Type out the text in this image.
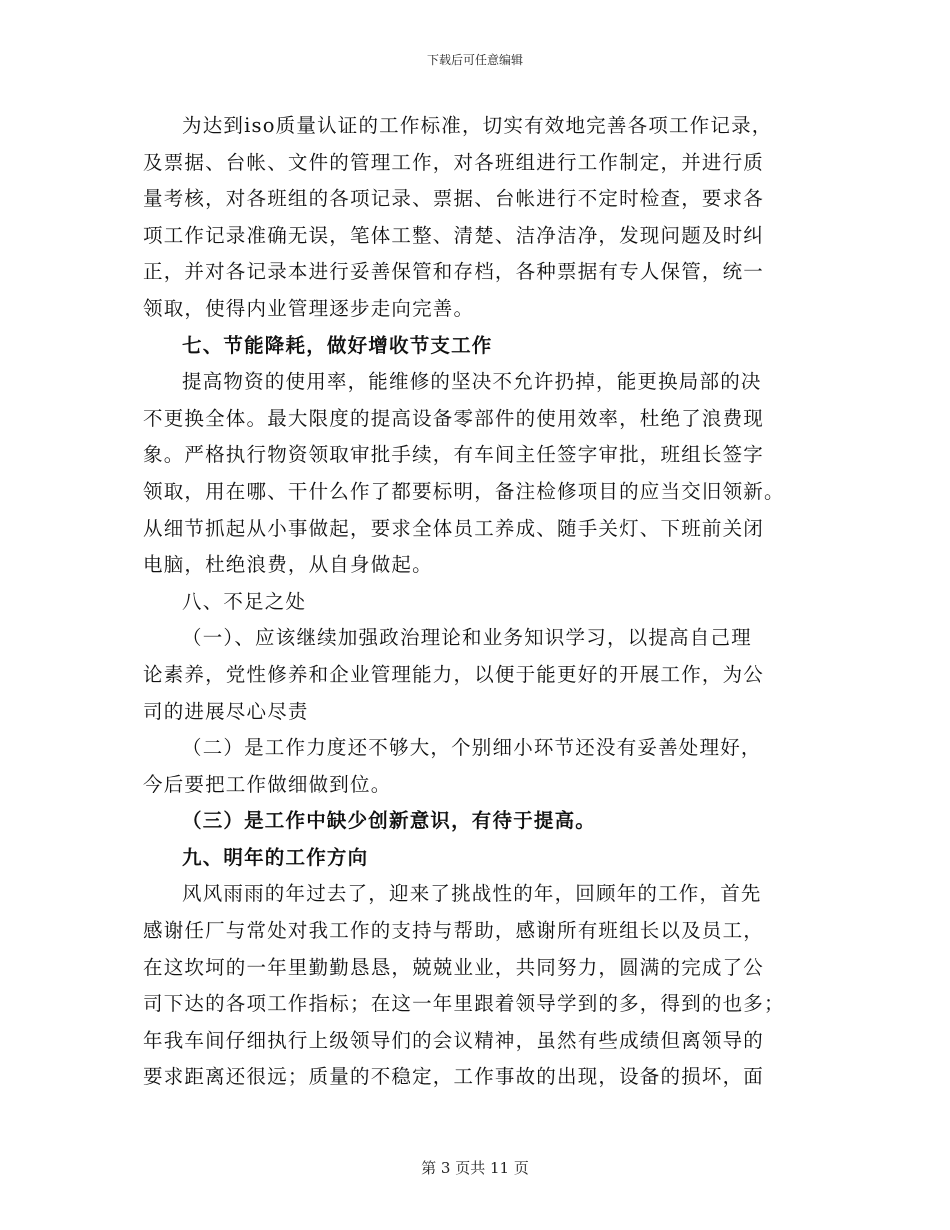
下载后可任意编辑
为达到iso质量认证的工作标准，切实有效地完善各项工作记录，
及票据、台帐、文件的管理工作，对各班组进行工作制定，并进行质
量考核，对各班组的各项记录、票据、台帐进行不定时检查，要求各
项工作记录准确无误，笔体工整、清楚、洁净洁净，发现问题及时纠
正，并对各记录本进行妥善保管和存档，各种票据有专人保管，统一
领取，使得内业管理逐步走向完善。
七、节能降耗，做好增收节支工作
提高物资的使用率，能维修的坚决不允许扔掉，能更换局部的决
不更换全体。最大限度的提高设备零部件的使用效率，杜绝了浪费现
象。严格执行物资领取审批手续，有车间主任签字审批，班组长签字
领取，用在哪、干什么作了都要标明，备注检修项目的应当交旧领新。
从细节抓起从小事做起，要求全体员工养成、随手关灯、下班前关闭
电脑，杜绝浪费，从自身做起。
八、不足之处
（一）、应该继续加强政治理论和业务知识学习，以提高自己理
论素养，党性修养和企业管理能力，以便于能更好的开展工作，为公
司的进展尽心尽责
（二）是工作力度还不够大，个别细小环节还没有妥善处理好，
今后要把工作做细做到位。
（三）是工作中缺少创新意识，有待于提高。
九、明年的工作方向
风风雨雨的年过去了，迎来了挑战性的年，回顾年的工作，首先
感谢任厂与常处对我工作的支持与帮助，感谢所有班组长以及员工，
在这坎坷的一年里勤勤恳恳，兢兢业业，共同努力，圆满的完成了公
司下达的各项工作指标；在这一年里跟着领导学到的多，得到的也多；
年我车间仔细执行上级领导们的会议精神，虽然有些成绩但离领导的
要求距离还很远；质量的不稳定，工作事故的出现，设备的损坏，面
第 3 页共 11 页
